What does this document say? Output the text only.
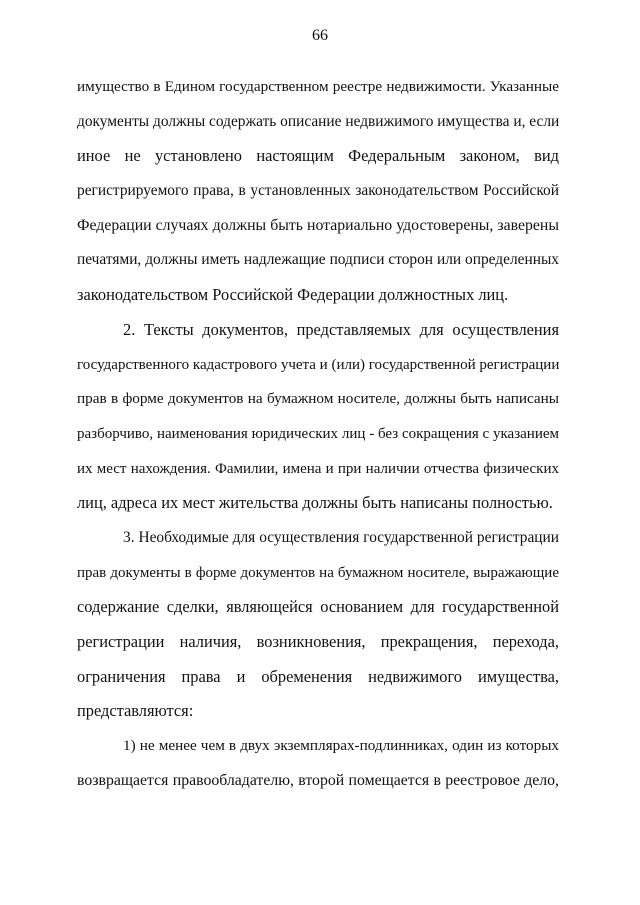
66
имущество в Едином государственном реестре недвижимости. Указанные
документы должны содержать описание недвижимого имущества и, если
иное не установлено настоящим Федеральным законом, вид
регистрируемого права, в установленных законодательством Российской
Федерации случаях должны быть нотариально удостоверены, заверены
печатями, должны иметь надлежащие подписи сторон или определенных
законодательством Российской Федерации должностных лиц.
2. Тексты документов, представляемых для осуществления
государственного кадастрового учета и (или) государственной регистрации
прав в форме документов на бумажном носителе, должны быть написаны
разборчиво, наименования юридических лиц - без сокращения с указанием
их мест нахождения. Фамилии, имена и при наличии отчества физических
лиц, адреса их мест жительства должны быть написаны полностью.
3. Необходимые для осуществления государственной регистрации
прав документы в форме документов на бумажном носителе, выражающие
содержание сделки, являющейся основанием для государственной
регистрации наличия, возникновения, прекращения, перехода,
ограничения права и обременения недвижимого имущества,
представляются:
1) не менее чем в двух экземплярах-подлинниках, один из которых
возвращается правообладателю, второй помещается в реестровое дело,
